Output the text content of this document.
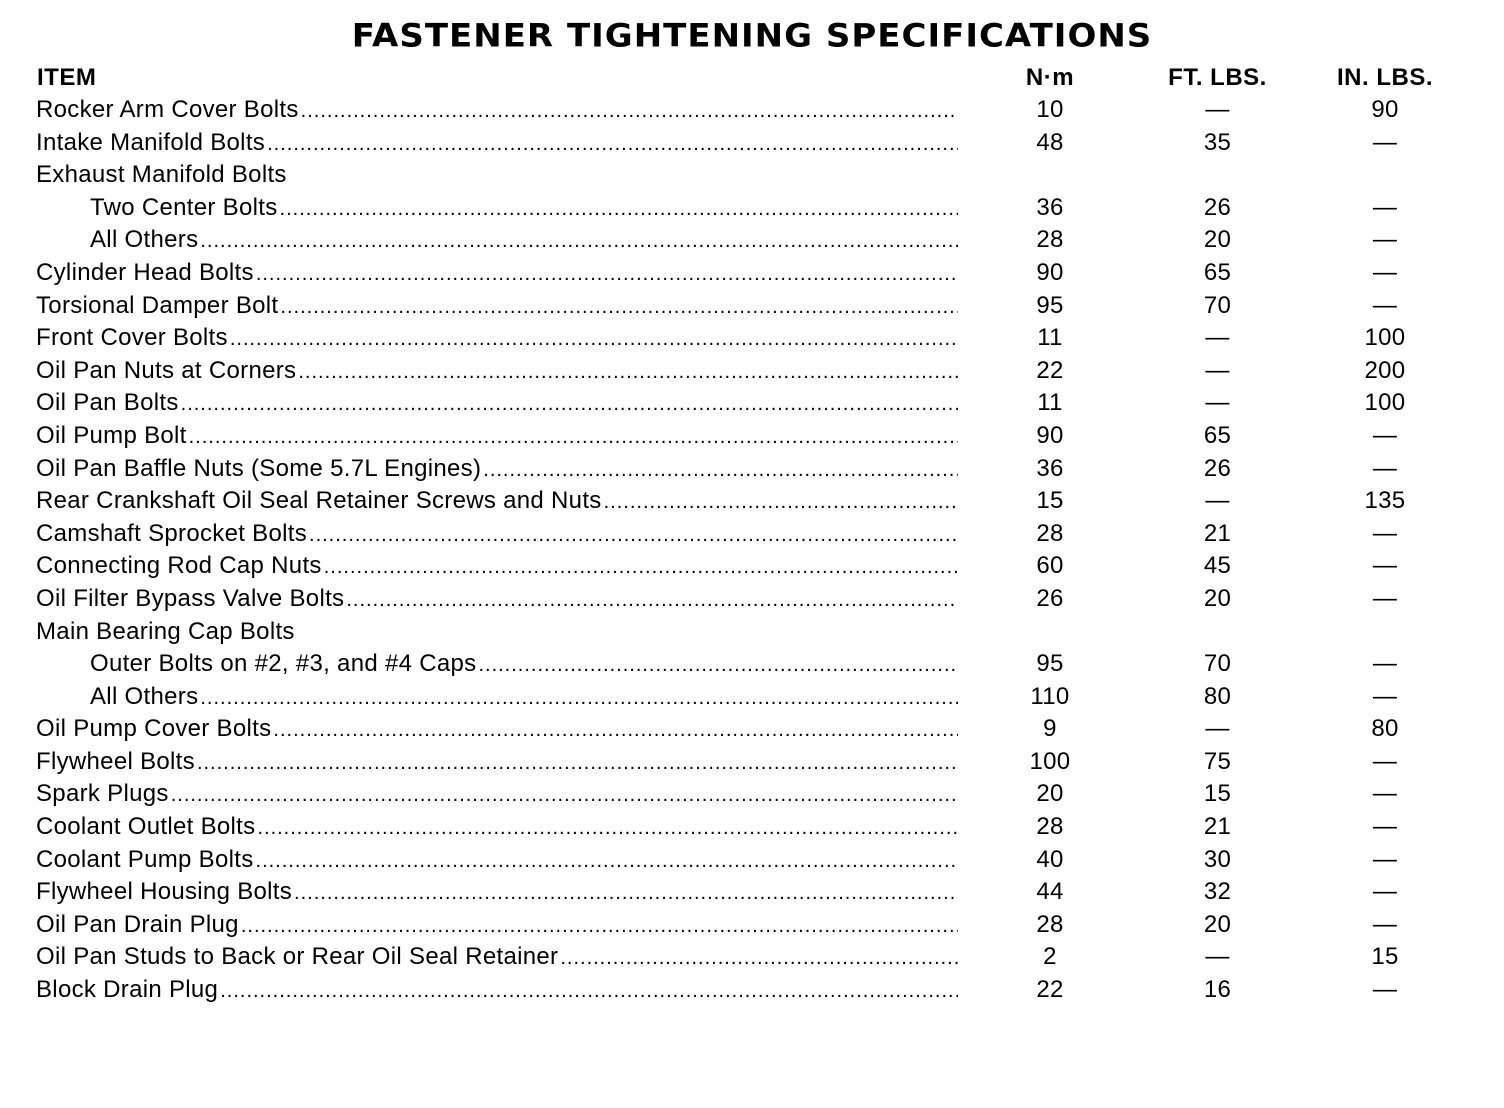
FASTENER TIGHTENING SPECIFICATIONS
ITEM	N·m	FT. LBS.	IN. LBS.
Rocker Arm Cover Bolts .....	10	—	90
Intake Manifold Bolts .....	48	35	—
Exhaust Manifold Bolts
Two Center Bolts .....	36	26	—
All Others .....	28	20	—
Cylinder Head Bolts .....	90	65	—
Torsional Damper Bolt .....	95	70	—
Front Cover Bolts .....	11	—	100
Oil Pan Nuts at Corners .....	22	—	200
Oil Pan Bolts .....	11	—	100
Oil Pump Bolt .....	90	65	—
Oil Pan Baffle Nuts (Some 5.7L Engines) .....	36	26	—
Rear Crankshaft Oil Seal Retainer Screws and Nuts .....	15	—	135
Camshaft Sprocket Bolts .....	28	21	—
Connecting Rod Cap Nuts .....	60	45	—
Oil Filter Bypass Valve Bolts .....	26	20	—
Main Bearing Cap Bolts
Outer Bolts on #2, #3, and #4 Caps .....	95	70	—
All Others .....	110	80	—
Oil Pump Cover Bolts .....	9	—	80
Flywheel Bolts .....	100	75	—
Spark Plugs .....	20	15	—
Coolant Outlet Bolts .....	28	21	—
Coolant Pump Bolts .....	40	30	—
Flywheel Housing Bolts .....	44	32	—
Oil Pan Drain Plug .....	28	20	—
Oil Pan Studs to Back or Rear Oil Seal Retainer .....	2	—	15
Block Drain Plug .....	22	16	—
